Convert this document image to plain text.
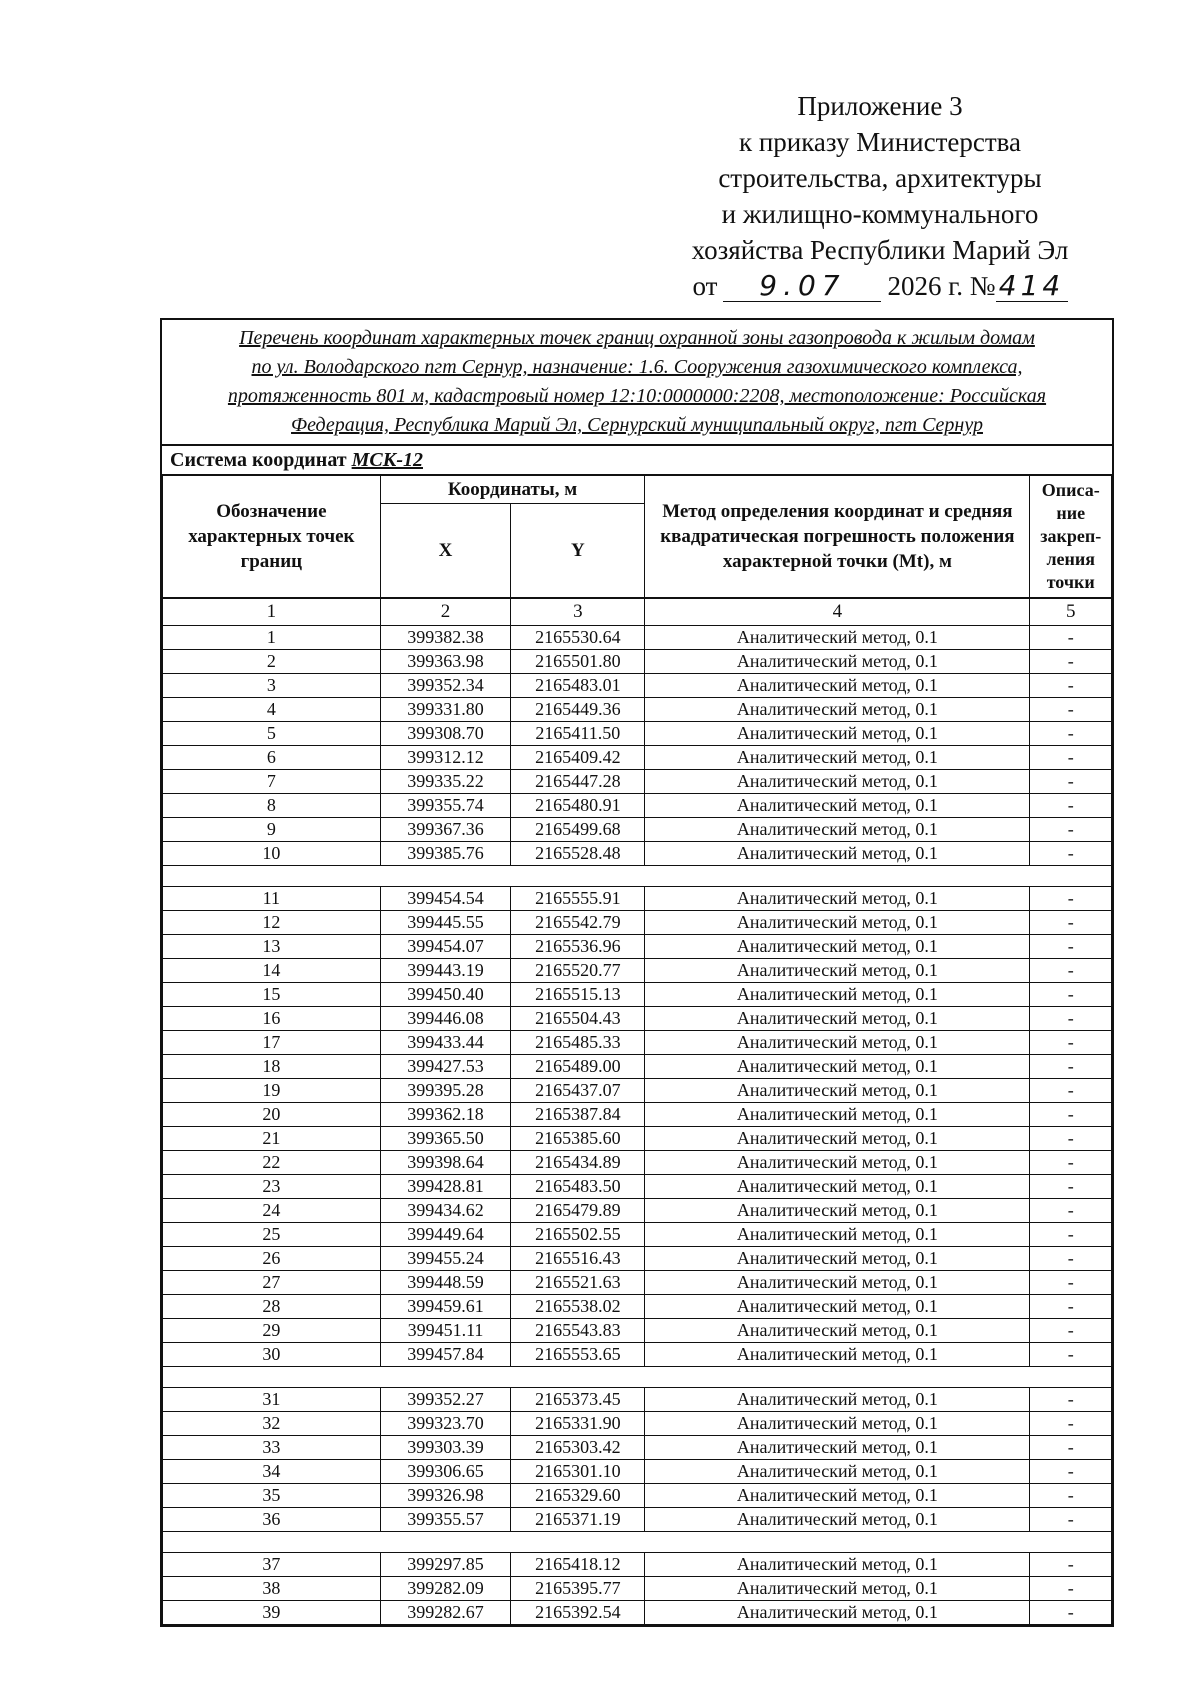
Приложение 3
к приказу Министерства
строительства, архитектуры
и жилищно-коммунального
хозяйства Республики Марий Эл
от 9.07 2026 г. № 414
Перечень координат характерных точек границ охранной зоны газопровода к жилым домам
по ул. Володарского пгт Сернур, назначение: 1.6. Сооружения газохимического комплекса,
протяженность 801 м, кадастровый номер 12:10:0000000:2208, местоположение: Российская
Федерация, Республика Марий Эл, Сернурский муниципальный округ, пгт Сернур
Система координат МСК-12
Обозначение характерных точек границ	Координаты, м		Метод определения координат и средняя квадратическая погрешность положения характерной точки (Mt), м	Описа-
ние
закреп-
ления
точки

	X	Y		
1	2	3	4	5
1	399382.38	2165530.64	Аналитический метод, 0.1	-
2	399363.98	2165501.80	Аналитический метод, 0.1	-
3	399352.34	2165483.01	Аналитический метод, 0.1	-
4	399331.80	2165449.36	Аналитический метод, 0.1	-
5	399308.70	2165411.50	Аналитический метод, 0.1	-
6	399312.12	2165409.42	Аналитический метод, 0.1	-
7	399335.22	2165447.28	Аналитический метод, 0.1	-
8	399355.74	2165480.91	Аналитический метод, 0.1	-
9	399367.36	2165499.68	Аналитический метод, 0.1	-
10	399385.76	2165528.48	Аналитический метод, 0.1	-

11	399454.54	2165555.91	Аналитический метод, 0.1	-
12	399445.55	2165542.79	Аналитический метод, 0.1	-
13	399454.07	2165536.96	Аналитический метод, 0.1	-
14	399443.19	2165520.77	Аналитический метод, 0.1	-
15	399450.40	2165515.13	Аналитический метод, 0.1	-
16	399446.08	2165504.43	Аналитический метод, 0.1	-
17	399433.44	2165485.33	Аналитический метод, 0.1	-
18	399427.53	2165489.00	Аналитический метод, 0.1	-
19	399395.28	2165437.07	Аналитический метод, 0.1	-
20	399362.18	2165387.84	Аналитический метод, 0.1	-
21	399365.50	2165385.60	Аналитический метод, 0.1	-
22	399398.64	2165434.89	Аналитический метод, 0.1	-
23	399428.81	2165483.50	Аналитический метод, 0.1	-
24	399434.62	2165479.89	Аналитический метод, 0.1	-
25	399449.64	2165502.55	Аналитический метод, 0.1	-
26	399455.24	2165516.43	Аналитический метод, 0.1	-
27	399448.59	2165521.63	Аналитический метод, 0.1	-
28	399459.61	2165538.02	Аналитический метод, 0.1	-
29	399451.11	2165543.83	Аналитический метод, 0.1	-
30	399457.84	2165553.65	Аналитический метод, 0.1	-

31	399352.27	2165373.45	Аналитический метод, 0.1	-
32	399323.70	2165331.90	Аналитический метод, 0.1	-
33	399303.39	2165303.42	Аналитический метод, 0.1	-
34	399306.65	2165301.10	Аналитический метод, 0.1	-
35	399326.98	2165329.60	Аналитический метод, 0.1	-
36	399355.57	2165371.19	Аналитический метод, 0.1	-

37	399297.85	2165418.12	Аналитический метод, 0.1	-
38	399282.09	2165395.77	Аналитический метод, 0.1	-
39	399282.67	2165392.54	Аналитический метод, 0.1	-
